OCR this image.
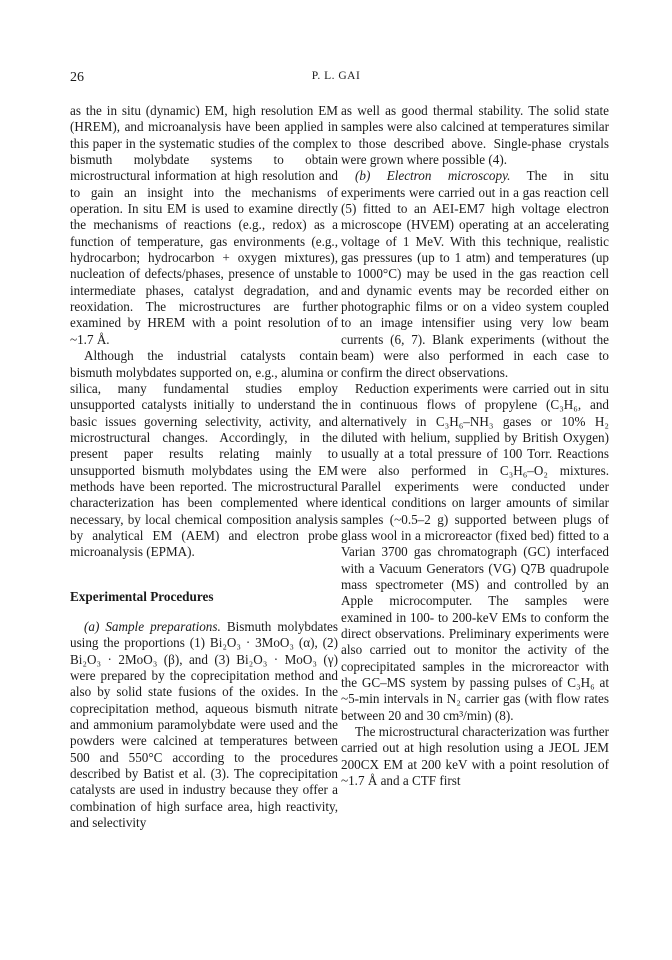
26	P. L. GAI

as the in situ (dynamic) EM, high resolution EM (HREM), and microanalysis have been applied in this paper in the systematic studies of the complex bismuth molybdate systems to obtain microstructural information at high resolution and to gain an insight into the mechanisms of operation. In situ EM is used to examine directly the mechanisms of reactions (e.g., redox) as a function of temperature, gas environments (e.g., hydrocarbon; hydrocarbon + oxygen mixtures), nucleation of defects/phases, presence of unstable intermediate phases, catalyst degradation, and reoxidation. The microstructures are further examined by HREM with a point resolution of ~1.7 Å.

Although the industrial catalysts contain bismuth molybdates supported on, e.g., alumina or silica, many fundamental studies employ unsupported catalysts initially to understand the basic issues governing selectivity, activity, and microstructural changes. Accordingly, in the present paper results relating mainly to unsupported bismuth molybdates using the EM methods have been reported. The microstructural characterization has been complemented where necessary, by local chemical composition analysis by analytical EM (AEM) and electron probe microanalysis (EPMA).

Experimental Procedures

(a) Sample preparations. Bismuth molybdates using the proportions (1) Bi₂O₃ · 3MoO₃ (α), (2) Bi₂O₃ · 2MoO₃ (β), and (3) Bi₂O₃ · MoO₃ (γ) were prepared by the coprecipitation method and also by solid state fusions of the oxides. In the coprecipitation method, aqueous bismuth nitrate and ammonium paramolybdate were used and the powders were calcined at temperatures between 500 and 550°C according to the procedures described by Batist et al. (3). The coprecipitation catalysts are used in industry because they offer a combination of high surface area, high reactivity, and selectivity

as well as good thermal stability. The solid state samples were also calcined at temperatures similar to those described above. Single-phase crystals were grown where possible (4).

(b) Electron microscopy. The in situ experiments were carried out in a gas reaction cell (5) fitted to an AEI-EM7 high voltage electron microscope (HVEM) operating at an accelerating voltage of 1 MeV. With this technique, realistic gas pressures (up to 1 atm) and temperatures (up to 1000°C) may be used in the gas reaction cell and dynamic events may be recorded either on photographic films or on a video system coupled to an image intensifier using very low beam currents (6, 7). Blank experiments (without the beam) were also performed in each case to confirm the direct observations.

Reduction experiments were carried out in situ in continuous flows of propylene (C₃H₆, and alternatively in C₃H₆–NH₃ gases or 10% H₂ diluted with helium, supplied by British Oxygen) usually at a total pressure of 100 Torr. Reactions were also performed in C₃H₆–O₂ mixtures. Parallel experiments were conducted under identical conditions on larger amounts of similar samples (~0.5–2 g) supported between plugs of glass wool in a microreactor (fixed bed) fitted to a Varian 3700 gas chromatograph (GC) interfaced with a Vacuum Generators (VG) Q7B quadrupole mass spectrometer (MS) and controlled by an Apple microcomputer. The samples were examined in 100- to 200-keV EMs to conform the direct observations. Preliminary experiments were also carried out to monitor the activity of the coprecipitated samples in the microreactor with the GC–MS system by passing pulses of C₃H₆ at ~5-min intervals in N₂ carrier gas (with flow rates between 20 and 30 cm³/min) (8).

The microstructural characterization was further carried out at high resolution using a JEOL JEM 200CX EM at 200 keV with a point resolution of ~1.7 Å and a CTF first
